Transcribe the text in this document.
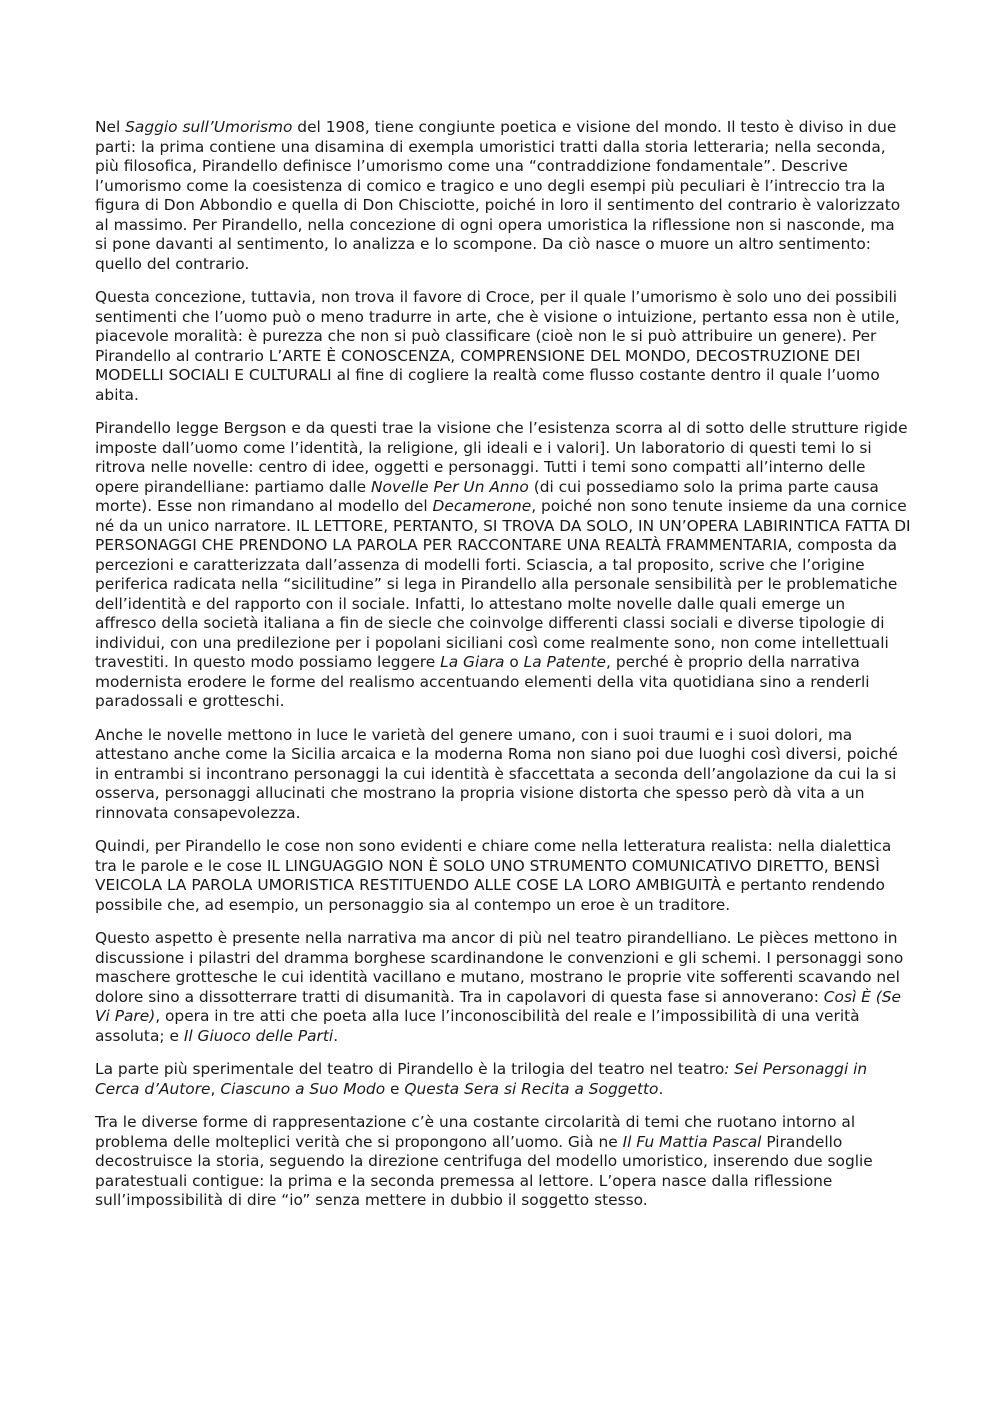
Nel Saggio sull’Umorismo del 1908, tiene congiunte poetica e visione del mondo. Il testo è diviso in due parti: la prima contiene una disamina di exempla umoristici tratti dalla storia letteraria; nella seconda, più filosofica, Pirandello definisce l’umorismo come una “contraddizione fondamentale”. Descrive l’umorismo come la coesistenza di comico e tragico e uno degli esempi più peculiari è l’intreccio tra la figura di Don Abbondio e quella di Don Chisciotte, poiché in loro il sentimento del contrario è valorizzato al massimo. Per Pirandello, nella concezione di ogni opera umoristica la riflessione non si nasconde, ma si pone davanti al sentimento, lo analizza e lo scompone. Da ciò nasce o muore un altro sentimento: quello del contrario.

Questa concezione, tuttavia, non trova il favore di Croce, per il quale l’umorismo è solo uno dei possibili sentimenti che l’uomo può o meno tradurre in arte, che è visione o intuizione, pertanto essa non è utile, piacevole moralità: è purezza che non si può classificare (cioè non le si può attribuire un genere). Per Pirandello al contrario L’ARTE È CONOSCENZA, COMPRENSIONE DEL MONDO, DECOSTRUZIONE DEI MODELLI SOCIALI E CULTURALI al fine di cogliere la realtà come flusso costante dentro il quale l’uomo abita.

Pirandello legge Bergson e da questi trae la visione che l’esistenza scorra al di sotto delle strutture rigide imposte dall’uomo come l’identità, la religione, gli ideali e i valori]. Un laboratorio di questi temi lo si ritrova nelle novelle: centro di idee, oggetti e personaggi. Tutti i temi sono compatti all’interno delle opere pirandelliane: partiamo dalle Novelle Per Un Anno (di cui possediamo solo la prima parte causa morte). Esse non rimandano al modello del Decamerone, poiché non sono tenute insieme da una cornice né da un unico narratore. IL LETTORE, PERTANTO, SI TROVA DA SOLO, IN UN’OPERA LABIRINTICA FATTA DI PERSONAGGI CHE PRENDONO LA PAROLA PER RACCONTARE UNA REALTÀ FRAMMENTARIA, composta da percezioni e caratterizzata dall’assenza di modelli forti. Sciascia, a tal proposito, scrive che l’origine periferica radicata nella “sicilitudine” si lega in Pirandello alla personale sensibilità per le problematiche dell’identità e del rapporto con il sociale. Infatti, lo attestano molte novelle dalle quali emerge un affresco della società italiana a fin de siecle che coinvolge differenti classi sociali e diverse tipologie di individui, con una predilezione per i popolani siciliani così come realmente sono, non come intellettuali travestiti. In questo modo possiamo leggere La Giara o La Patente, perché è proprio della narrativa modernista erodere le forme del realismo accentuando elementi della vita quotidiana sino a renderli paradossali e grotteschi.

Anche le novelle mettono in luce le varietà del genere umano, con i suoi traumi e i suoi dolori, ma attestano anche come la Sicilia arcaica e la moderna Roma non siano poi due luoghi così diversi, poiché in entrambi si incontrano personaggi la cui identità è sfaccettata a seconda dell’angolazione da cui la si osserva, personaggi allucinati che mostrano la propria visione distorta che spesso però dà vita a un rinnovata consapevolezza.

Quindi, per Pirandello le cose non sono evidenti e chiare come nella letteratura realista: nella dialettica tra le parole e le cose IL LINGUAGGIO NON È SOLO UNO STRUMENTO COMUNICATIVO DIRETTO, BENSÌ VEICOLA LA PAROLA UMORISTICA RESTITUENDO ALLE COSE LA LORO AMBIGUITÀ e pertanto rendendo possibile che, ad esempio, un personaggio sia al contempo un eroe è un traditore.

Questo aspetto è presente nella narrativa ma ancor di più nel teatro pirandelliano. Le pièces mettono in discussione i pilastri del dramma borghese scardinandone le convenzioni e gli schemi. I personaggi sono maschere grottesche le cui identità vacillano e mutano, mostrano le proprie vite sofferenti scavando nel dolore sino a dissotterrare tratti di disumanità. Tra in capolavori di questa fase si annoverano: Così È (Se Vi Pare), opera in tre atti che poeta alla luce l’inconoscibilità del reale e l’impossibilità di una verità assoluta; e Il Giuoco delle Parti.

La parte più sperimentale del teatro di Pirandello è la trilogia del teatro nel teatro: Sei Personaggi in Cerca d’Autore, Ciascuno a Suo Modo e Questa Sera si Recita a Soggetto.

Tra le diverse forme di rappresentazione c’è una costante circolarità di temi che ruotano intorno al problema delle molteplici verità che si propongono all’uomo. Già ne Il Fu Mattia Pascal Pirandello decostruisce la storia, seguendo la direzione centrifuga del modello umoristico, inserendo due soglie paratestuali contigue: la prima e la seconda premessa al lettore. L’opera nasce dalla riflessione sull’impossibilità di dire “io” senza mettere in dubbio il soggetto stesso.
